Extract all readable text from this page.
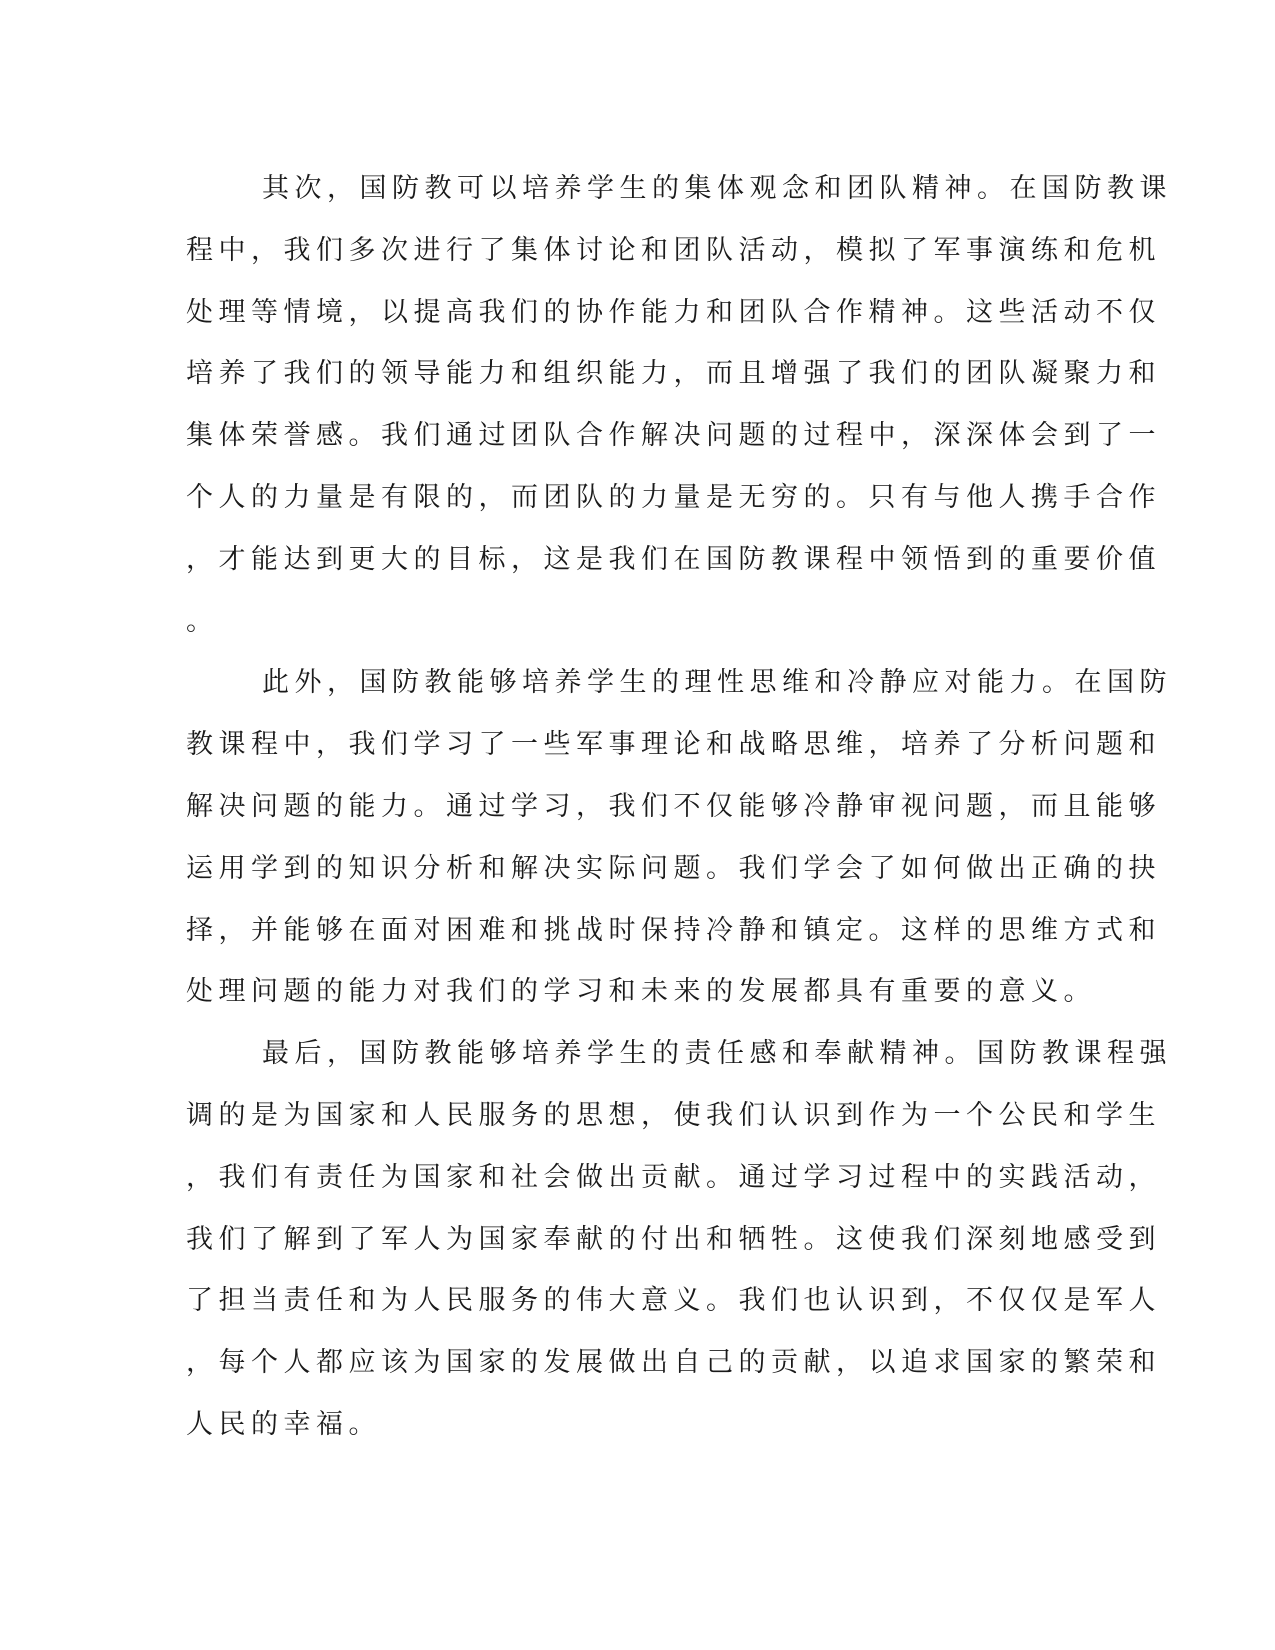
其次，国防教可以培养学生的集体观念和团队精神。在国防教课
程中，我们多次进行了集体讨论和团队活动，模拟了军事演练和危机
处理等情境，以提高我们的协作能力和团队合作精神。这些活动不仅
培养了我们的领导能力和组织能力，而且增强了我们的团队凝聚力和
集体荣誉感。我们通过团队合作解决问题的过程中，深深体会到了一
个人的力量是有限的，而团队的力量是无穷的。只有与他人携手合作
，才能达到更大的目标，这是我们在国防教课程中领悟到的重要价值
。
此外，国防教能够培养学生的理性思维和冷静应对能力。在国防
教课程中，我们学习了一些军事理论和战略思维，培养了分析问题和
解决问题的能力。通过学习，我们不仅能够冷静审视问题，而且能够
运用学到的知识分析和解决实际问题。我们学会了如何做出正确的抉
择，并能够在面对困难和挑战时保持冷静和镇定。这样的思维方式和
处理问题的能力对我们的学习和未来的发展都具有重要的意义。
最后，国防教能够培养学生的责任感和奉献精神。国防教课程强
调的是为国家和人民服务的思想，使我们认识到作为一个公民和学生
，我们有责任为国家和社会做出贡献。通过学习过程中的实践活动，
我们了解到了军人为国家奉献的付出和牺牲。这使我们深刻地感受到
了担当责任和为人民服务的伟大意义。我们也认识到，不仅仅是军人
，每个人都应该为国家的发展做出自己的贡献，以追求国家的繁荣和
人民的幸福。
